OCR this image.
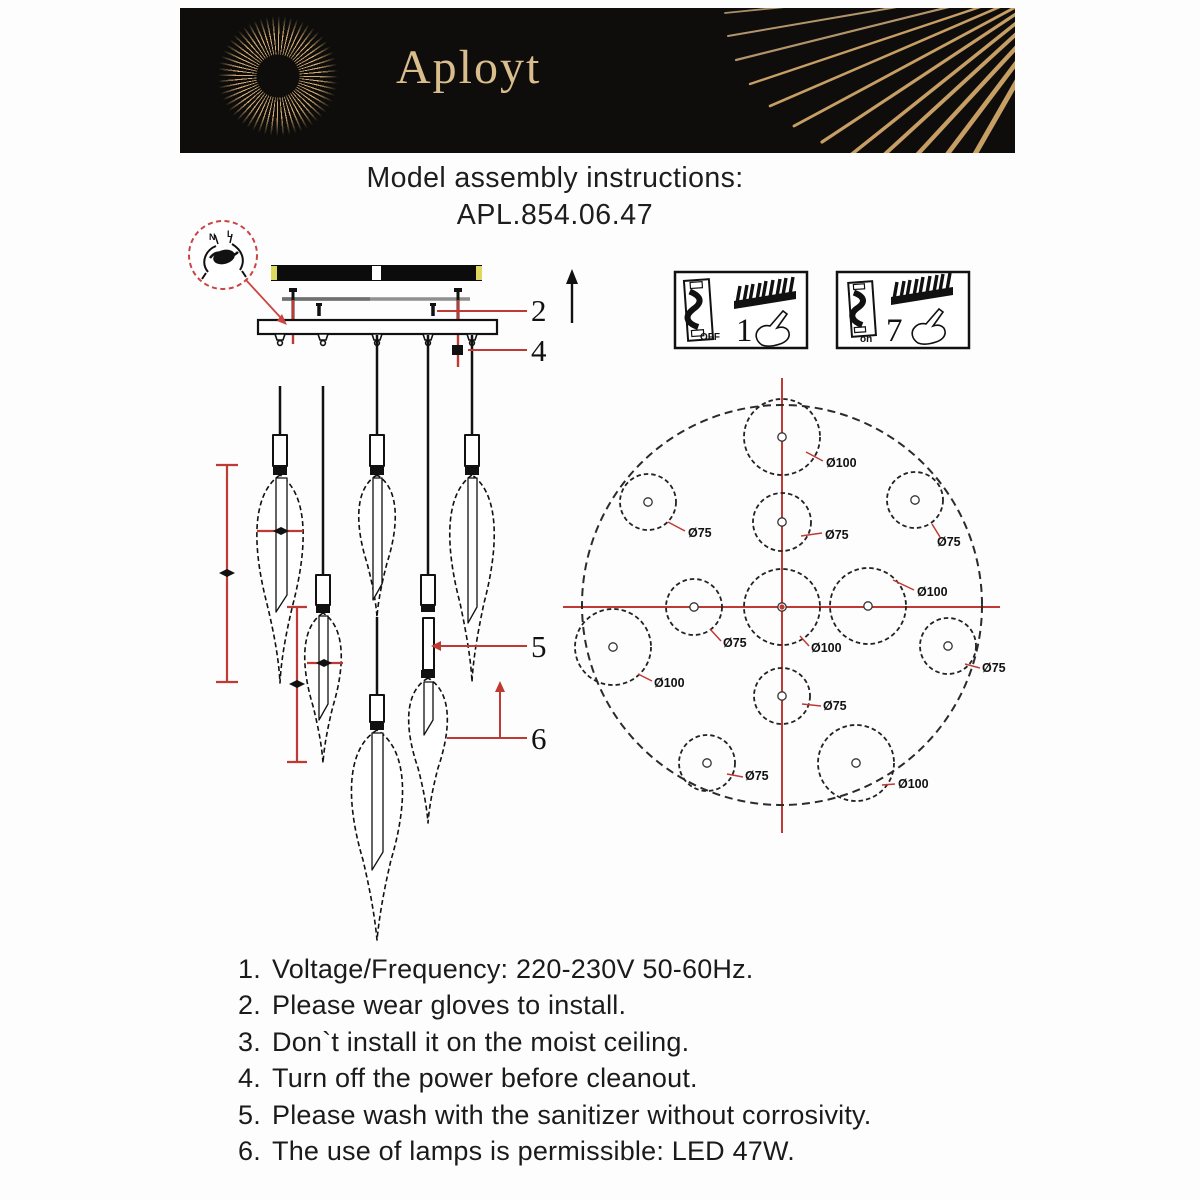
Aployt
Model assembly instructions:
APL.854.06.47
N L
2
4
5
6
OFF 1	on 7
Ø100
Ø75	Ø75	Ø75
Ø100
Ø100
Ø75	Ø100
Ø75
Ø75
Ø75
Ø100
1. Voltage/Frequency: 220-230V 50-60Hz.
2. Please wear gloves to install.
3. Don`t install it on the moist ceiling.
4. Turn off the power before cleanout.
5. Please wash with the sanitizer without corrosivity.
6. The use of lamps is permissible: LED 47W.
